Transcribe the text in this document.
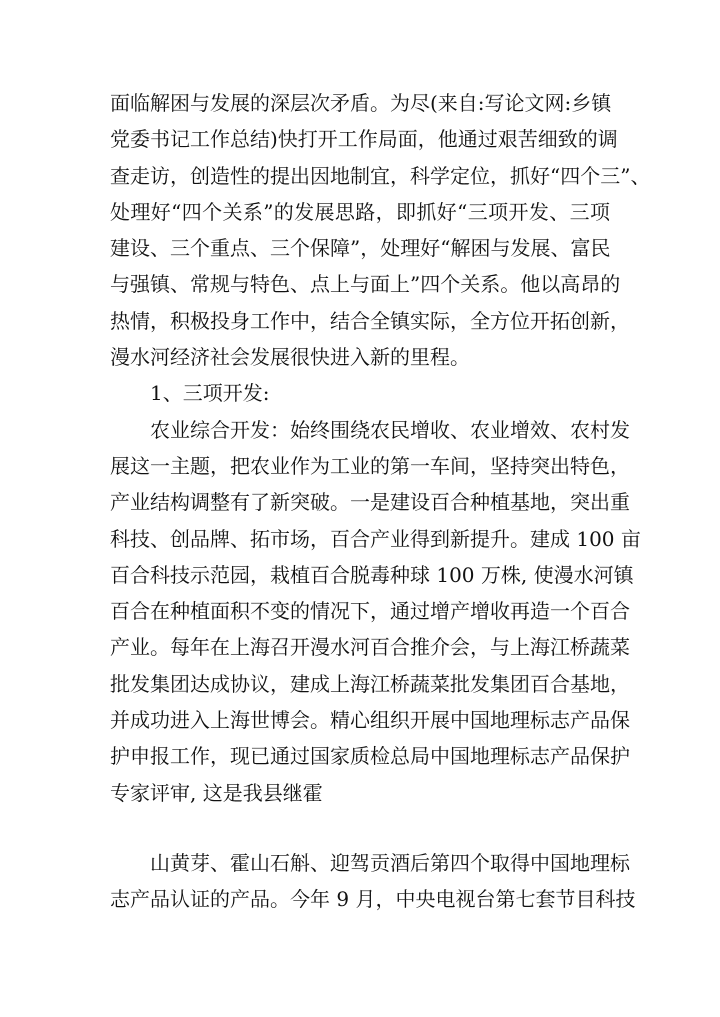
面临解困与发展的深层次矛盾。为尽(来自:写论文网:乡镇
党委书记工作总结)快打开工作局面，他通过艰苦细致的调
查走访，创造性的提出因地制宜，科学定位，抓好“四个三”、
处理好“四个关系”的发展思路，即抓好“三项开发、三项
建设、三个重点、三个保障”，处理好“解困与发展、富民
与强镇、常规与特色、点上与面上”四个关系。他以高昂的
热情，积极投身工作中，结合全镇实际，全方位开拓创新，
漫水河经济社会发展很快进入新的里程。
1、三项开发:
农业综合开发：始终围绕农民增收、农业增效、农村发
展这一主题，把农业作为工业的第一车间，坚持突出特色，
产业结构调整有了新突破。一是建设百合种植基地，突出重
科技、创品牌、拓市场，百合产业得到新提升。建成 100 亩
百合科技示范园，栽植百合脱毒种球 100 万株, 使漫水河镇
百合在种植面积不变的情况下，通过增产增收再造一个百合
产业。每年在上海召开漫水河百合推介会，与上海江桥蔬菜
批发集团达成协议，建成上海江桥蔬菜批发集团百合基地，
并成功进入上海世博会。精心组织开展中国地理标志产品保
护申报工作，现已通过国家质检总局中国地理标志产品保护
专家评审, 这是我县继霍
山黄芽、霍山石斛、迎驾贡酒后第四个取得中国地理标
志产品认证的产品。今年 9 月，中央电视台第七套节目科技
